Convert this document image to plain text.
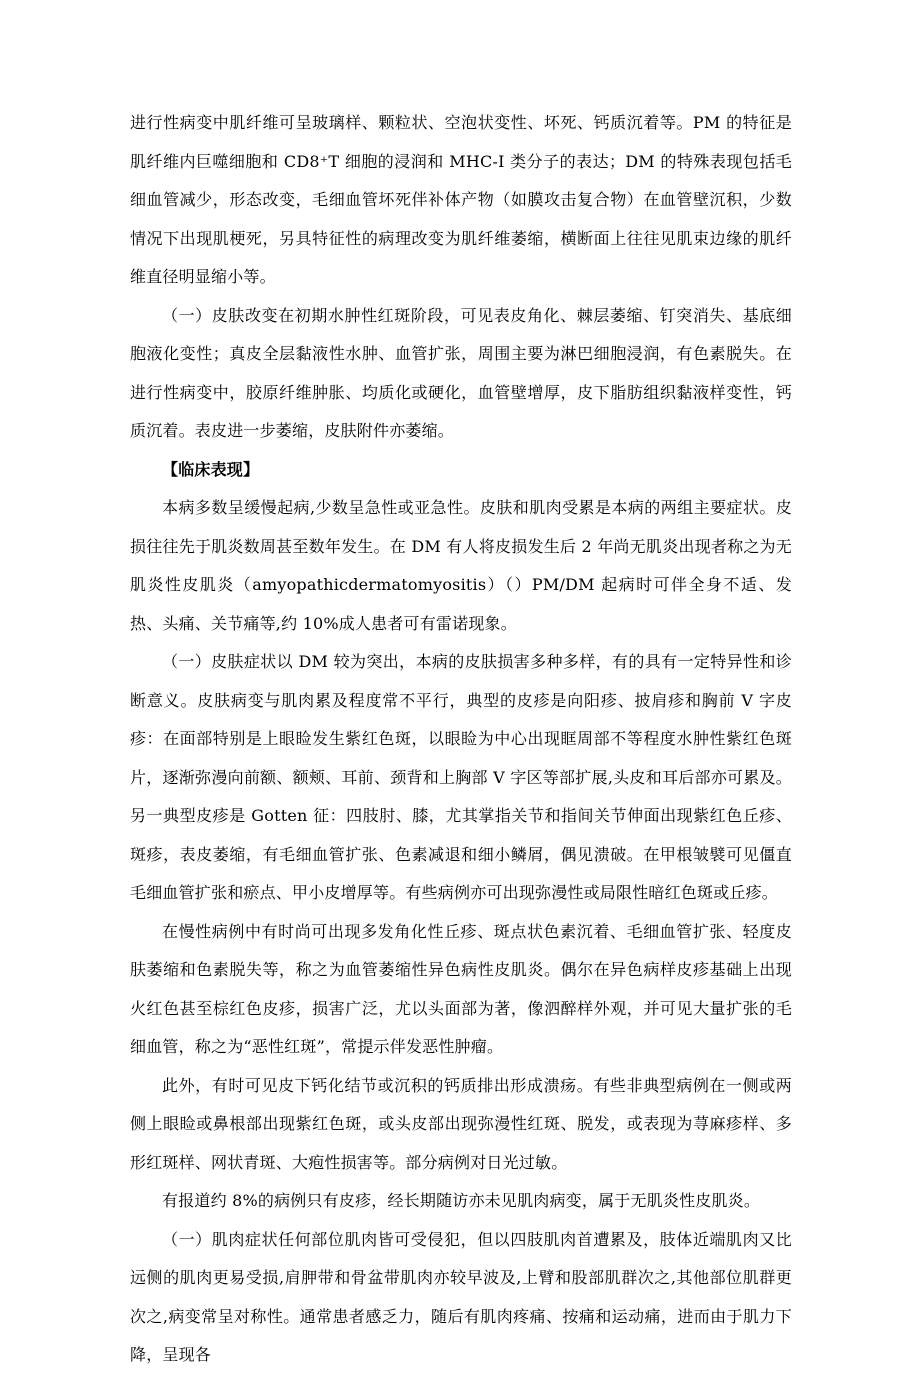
进行性病变中肌纤维可呈玻璃样、颗粒状、空泡状变性、坏死、钙质沉着等。PM 的特征是肌纤维内巨噬细胞和 CD8⁺T 细胞的浸润和 MHC-I 类分子的表达；DM 的特殊表现包括毛细血管减少，形态改变，毛细血管坏死伴补体产物（如膜攻击复合物）在血管壁沉积，少数情况下出现肌梗死，另具特征性的病理改变为肌纤维萎缩，横断面上往往见肌束边缘的肌纤维直径明显缩小等。

（一）皮肤改变在初期水肿性红斑阶段，可见表皮角化、棘层萎缩、钉突消失、基底细胞液化变性；真皮全层黏液性水肿、血管扩张，周围主要为淋巴细胞浸润，有色素脱失。在进行性病变中，胶原纤维肿胀、均质化或硬化，血管壁增厚，皮下脂肪组织黏液样变性，钙质沉着。表皮进一步萎缩，皮肤附件亦萎缩。

【临床表现】

本病多数呈缓慢起病,少数呈急性或亚急性。皮肤和肌肉受累是本病的两组主要症状。皮损往往先于肌炎数周甚至数年发生。在 DM 有人将皮损发生后 2 年尚无肌炎出现者称之为无肌炎性皮肌炎（amyopathicdermatomyositis）（）PM/DM 起病时可伴全身不适、发热、头痛、关节痛等,约 10%成人患者可有雷诺现象。

（一）皮肤症状以 DM 较为突出，本病的皮肤损害多种多样，有的具有一定特异性和诊断意义。皮肤病变与肌肉累及程度常不平行，典型的皮疹是向阳疹、披肩疹和胸前 V 字皮疹：在面部特别是上眼睑发生紫红色斑，以眼睑为中心出现眶周部不等程度水肿性紫红色斑片，逐渐弥漫向前额、额颊、耳前、颈背和上胸部 V 字区等部扩展,头皮和耳后部亦可累及。另一典型皮疹是 Gotten 征：四肢肘、膝，尤其掌指关节和指间关节伸面出现紫红色丘疹、斑疹，表皮萎缩，有毛细血管扩张、色素减退和细小鳞屑，偶见溃破。在甲根皱襞可见僵直毛细血管扩张和瘀点、甲小皮增厚等。有些病例亦可出现弥漫性或局限性暗红色斑或丘疹。

在慢性病例中有时尚可出现多发角化性丘疹、斑点状色素沉着、毛细血管扩张、轻度皮肤萎缩和色素脱失等，称之为血管萎缩性异色病性皮肌炎。偶尔在异色病样皮疹基础上出现火红色甚至棕红色皮疹，损害广泛，尤以头面部为著，像泗醉样外观，并可见大量扩张的毛细血管，称之为“恶性红斑”，常提示伴发恶性肿瘤。

此外，有时可见皮下钙化结节或沉积的钙质排出形成溃疡。有些非典型病例在一侧或两侧上眼睑或鼻根部出现紫红色斑，或头皮部出现弥漫性红斑、脱发，或表现为荨麻疹样、多形红斑样、网状青斑、大疱性损害等。部分病例对日光过敏。

有报道约 8%的病例只有皮疹，经长期随访亦未见肌肉病变，属于无肌炎性皮肌炎。

（一）肌肉症状任何部位肌肉皆可受侵犯，但以四肢肌肉首遭累及，肢体近端肌肉又比远侧的肌肉更易受损,肩胛带和骨盆带肌肉亦较早波及,上臂和股部肌群次之,其他部位肌群更次之,病变常呈对称性。通常患者感乏力，随后有肌肉疼痛、按痛和运动痛，进而由于肌力下降，呈现各
